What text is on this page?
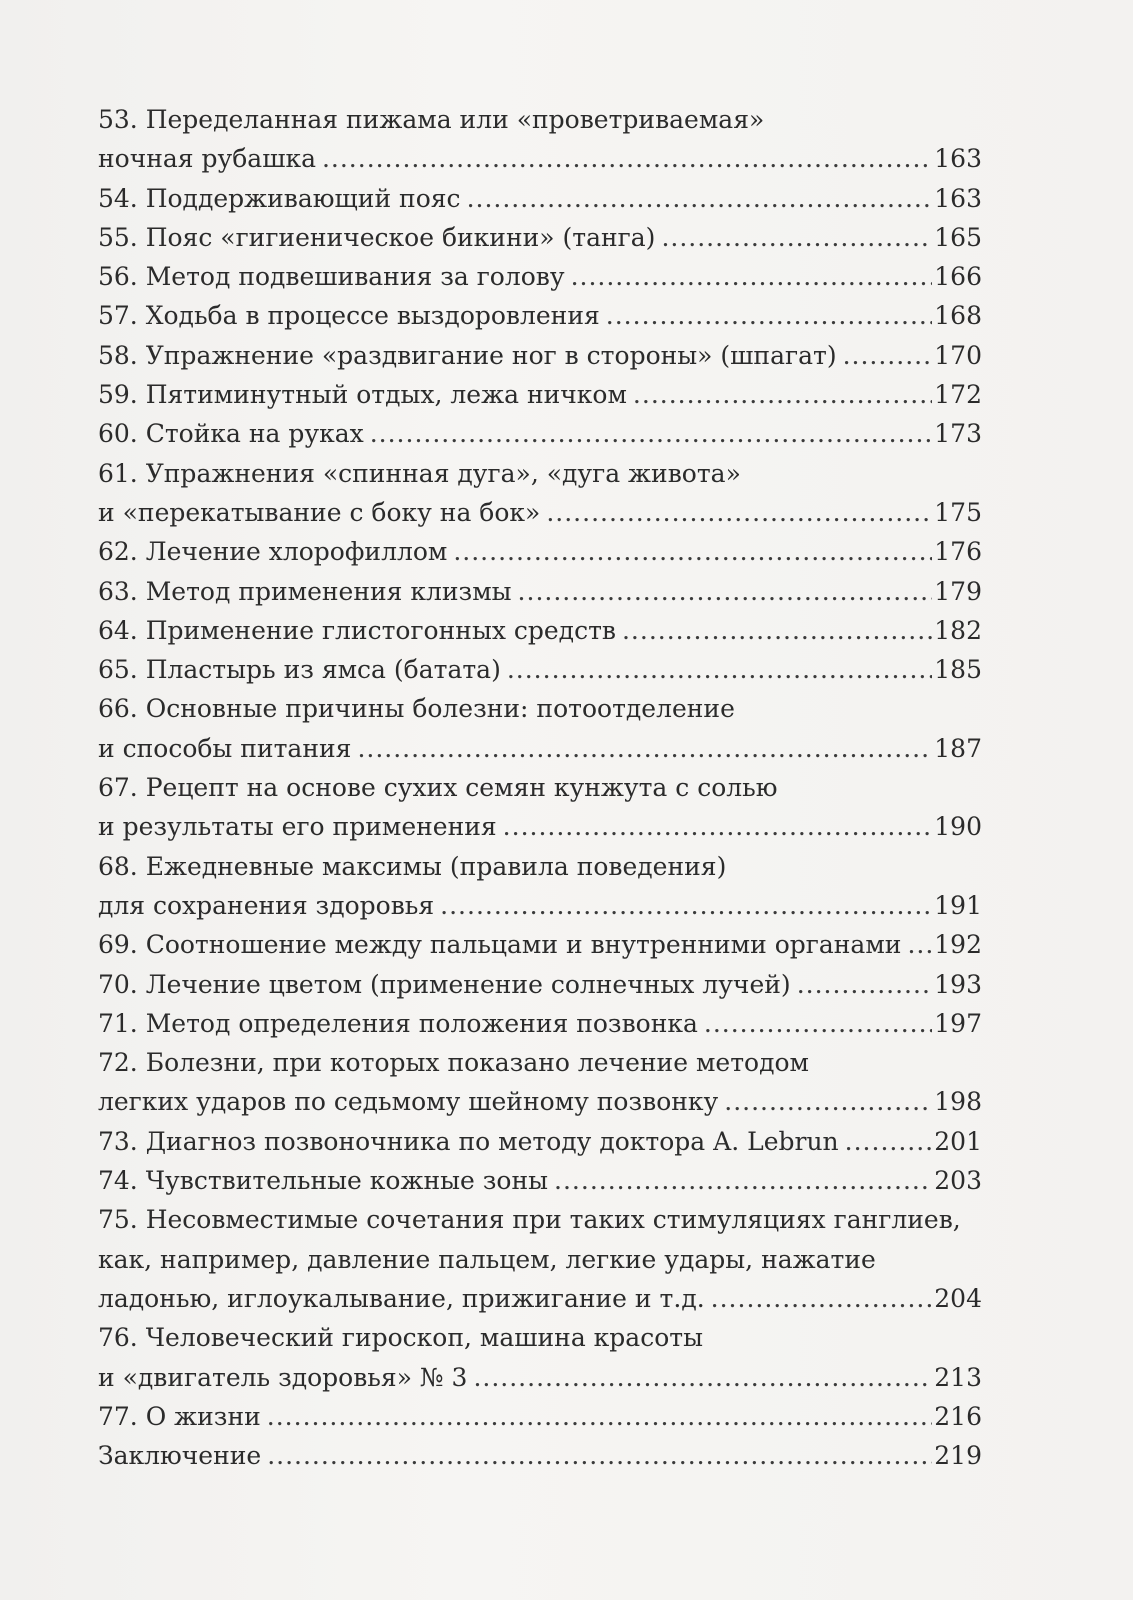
53. Переделанная пижама или «проветриваемая»
ночная рубашка .....	163
54. Поддерживающий пояс .....	163
55. Пояс «гигиеническое бикини» (танга) .....	165
56. Метод подвешивания за голову .....	166
57. Ходьба в процессе выздоровления .....	168
58. Упражнение «раздвигание ног в стороны» (шпагат) .....	170
59. Пятиминутный отдых, лежа ничком .....	172
60. Стойка на руках .....	173
61. Упражнения «спинная дуга», «дуга живота»
и «перекатывание с боку на бок» .....	175
62. Лечение хлорофиллом .....	176
63. Метод применения клизмы .....	179
64. Применение глистогонных средств .....	182
65. Пластырь из ямса (батата) .....	185
66. Основные причины болезни: потоотделение
и способы питания .....	187
67. Рецепт на основе сухих семян кунжута с солью
и результаты его применения .....	190
68. Ежедневные максимы (правила поведения)
для сохранения здоровья .....	191
69. Соотношение между пальцами и внутренними органами ..... 192
70. Лечение цветом (применение солнечных лучей) .....	193
71. Метод определения положения позвонка .....	197
72. Болезни, при которых показано лечение методом
легких ударов по седьмому шейному позвонку .....	198
73. Диагноз позвоночника по методу доктора A. Lebrun .....	201
74. Чувствительные кожные зоны .....	203
75. Несовместимые сочетания при таких стимуляциях ганглиев,
как, например, давление пальцем, легкие удары, нажатие
ладонью, иглоукалывание, прижигание и т.д. .....	204
76. Человеческий гироскоп, машина красоты
и «двигатель здоровья» № 3 .....	213
77. О жизни .....	216
Заключение .....	219
